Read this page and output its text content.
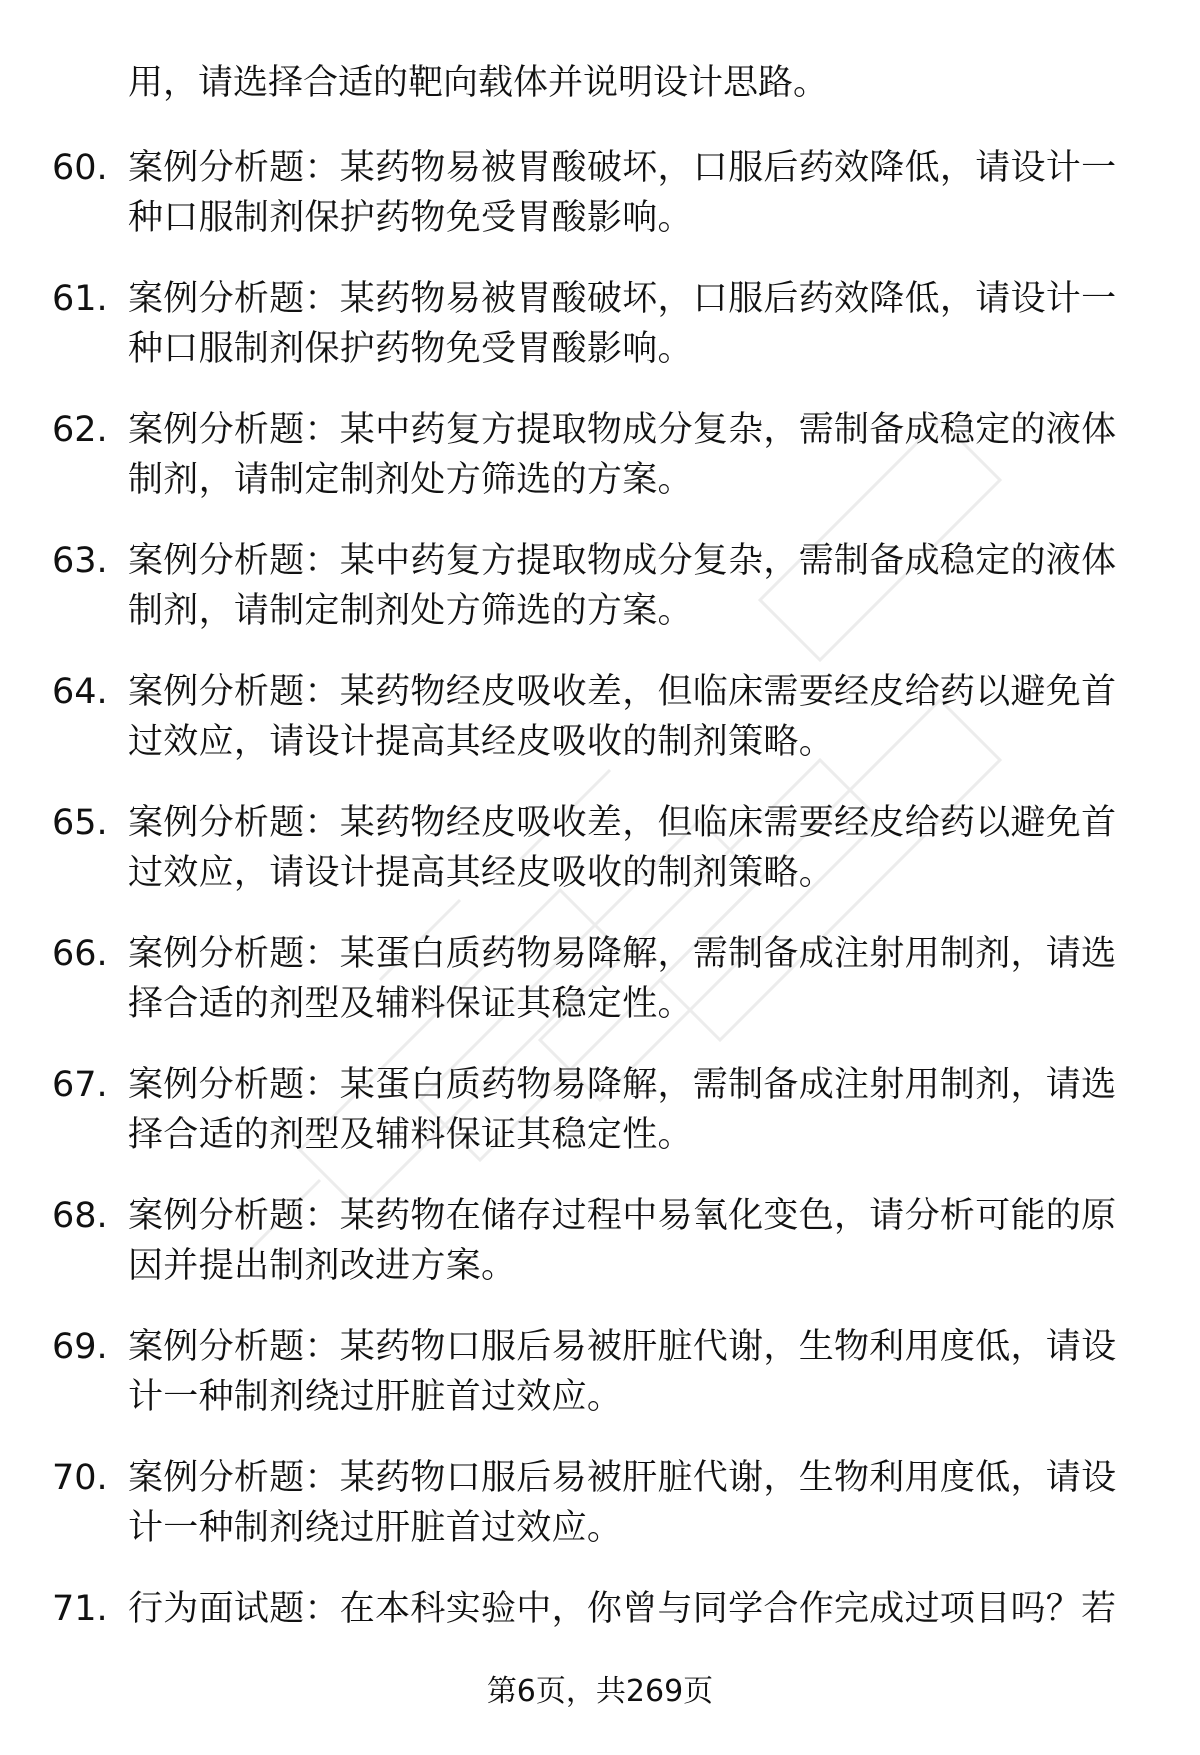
用，请选择合适的靶向载体并说明设计思路。
60. 案例分析题：某药物易被胃酸破坏，口服后药效降低，请设计一种口服制剂保护药物免受胃酸影响。
61. 案例分析题：某药物易被胃酸破坏，口服后药效降低，请设计一种口服制剂保护药物免受胃酸影响。
62. 案例分析题：某中药复方提取物成分复杂，需制备成稳定的液体制剂，请制定制剂处方筛选的方案。
63. 案例分析题：某中药复方提取物成分复杂，需制备成稳定的液体制剂，请制定制剂处方筛选的方案。
64. 案例分析题：某药物经皮吸收差，但临床需要经皮给药以避免首过效应，请设计提高其经皮吸收的制剂策略。
65. 案例分析题：某药物经皮吸收差，但临床需要经皮给药以避免首过效应，请设计提高其经皮吸收的制剂策略。
66. 案例分析题：某蛋白质药物易降解，需制备成注射用制剂，请选择合适的剂型及辅料保证其稳定性。
67. 案例分析题：某蛋白质药物易降解，需制备成注射用制剂，请选择合适的剂型及辅料保证其稳定性。
68. 案例分析题：某药物在储存过程中易氧化变色，请分析可能的原因并提出制剂改进方案。
69. 案例分析题：某药物口服后易被肝脏代谢，生物利用度低，请设计一种制剂绕过肝脏首过效应。
70. 案例分析题：某药物口服后易被肝脏代谢，生物利用度低，请设计一种制剂绕过肝脏首过效应。
71. 行为面试题：在本科实验中，你曾与同学合作完成过项目吗？若
第6页，共269页
